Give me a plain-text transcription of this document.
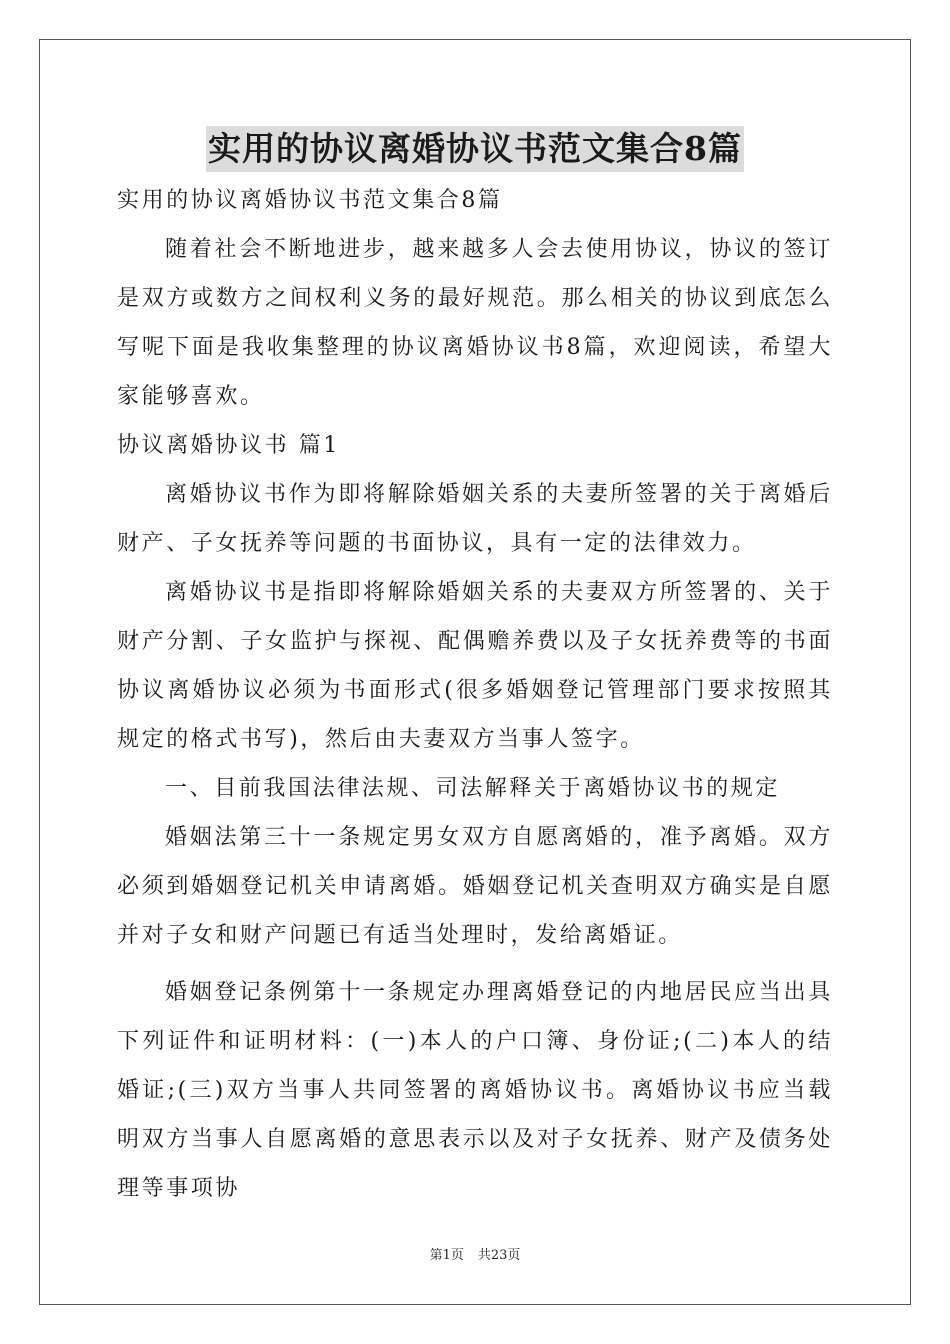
实用的协议离婚协议书范文集合8篇

实用的协议离婚协议书范文集合8篇

随着社会不断地进步，越来越多人会去使用协议，协议的签订是双方或数方之间权利义务的最好规范。那么相关的协议到底怎么写呢下面是我收集整理的协议离婚协议书8篇，欢迎阅读，希望大家能够喜欢。

协议离婚协议书 篇1

离婚协议书作为即将解除婚姻关系的夫妻所签署的关于离婚后财产、子女抚养等问题的书面协议，具有一定的法律效力。

离婚协议书是指即将解除婚姻关系的夫妻双方所签署的、关于财产分割、子女监护与探视、配偶赡养费以及子女抚养费等的书面协议离婚协议必须为书面形式(很多婚姻登记管理部门要求按照其规定的格式书写)，然后由夫妻双方当事人签字。

一、目前我国法律法规、司法解释关于离婚协议书的规定

婚姻法第三十一条规定男女双方自愿离婚的，准予离婚。双方必须到婚姻登记机关申请离婚。婚姻登记机关查明双方确实是自愿并对子女和财产问题已有适当处理时，发给离婚证。

婚姻登记条例第十一条规定办理离婚登记的内地居民应当出具下列证件和证明材料：(一)本人的户口簿、身份证;(二)本人的结婚证;(三)双方当事人共同签署的离婚协议书。离婚协议书应当载明双方当事人自愿离婚的意思表示以及对子女抚养、财产及债务处理等事项协

第1页 共23页
